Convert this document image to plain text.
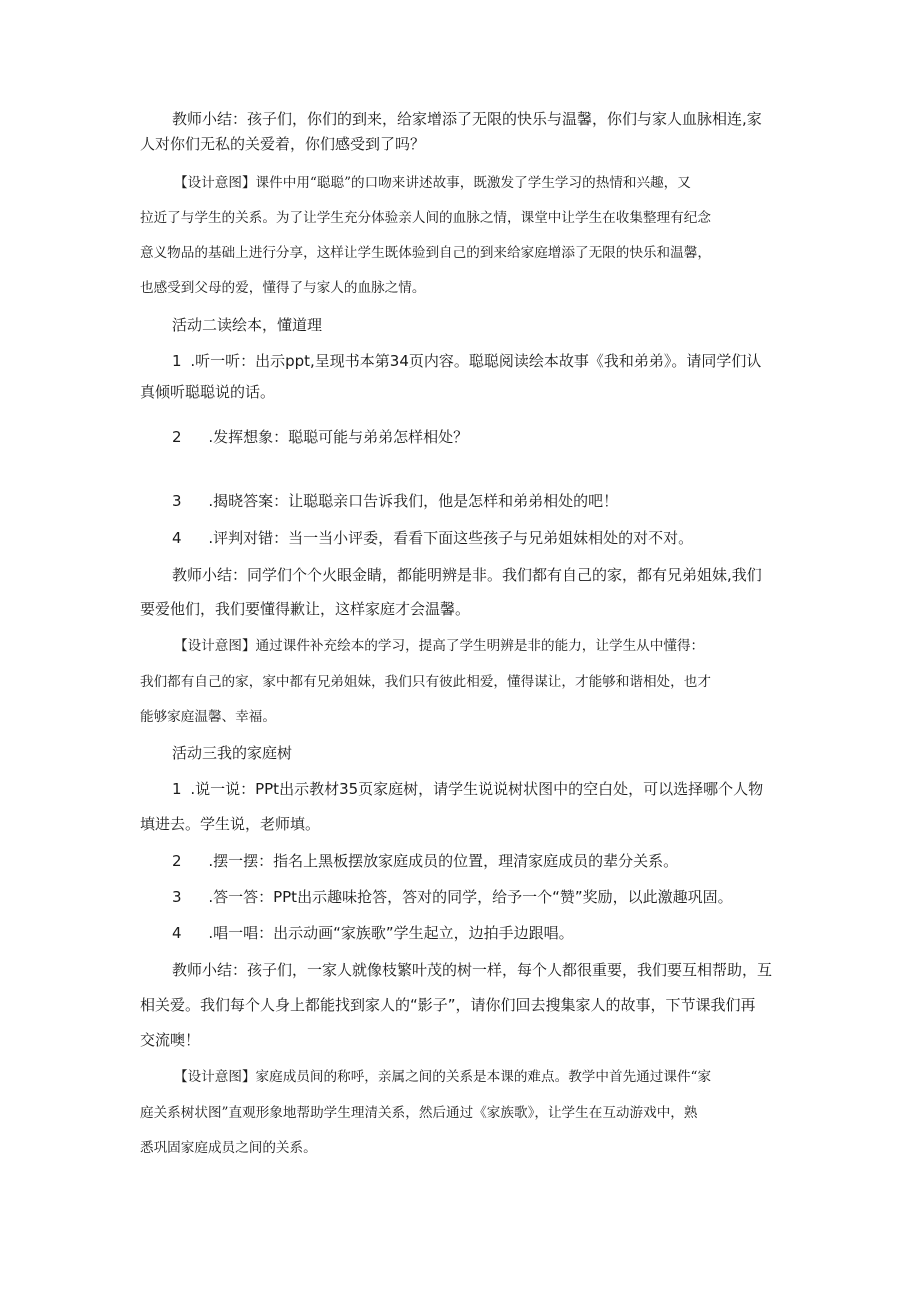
教师小结：孩子们，你们的到来，给家增添了无限的快乐与温馨，你们与家人血脉相连,家

人对你们无私的关爱着，你们感受到了吗？

【设计意图】课件中用“聪聪”的口吻来讲述故事，既激发了学生学习的热情和兴趣，又

拉近了与学生的关系。为了让学生充分体验亲人间的血脉之情，课堂中让学生在收集整理有纪念

意义物品的基础上进行分享，这样让学生既体验到自己的到来给家庭增添了无限的快乐和温馨，

也感受到父母的爱，懂得了与家人的血脉之情。

活动二读绘本，懂道理

1 .听一听：出示ppt,呈现书本第34页内容。聪聪阅读绘本故事《我和弟弟》。请同学们认

真倾听聪聪说的话。

2 .发挥想象：聪聪可能与弟弟怎样相处？

3 .揭晓答案：让聪聪亲口告诉我们，他是怎样和弟弟相处的吧！

4 .评判对错：当一当小评委，看看下面这些孩子与兄弟姐妹相处的对不对。

教师小结：同学们个个火眼金睛，都能明辨是非。我们都有自己的家，都有兄弟姐妹,我们

要爱他们，我们要懂得歉让，这样家庭才会温馨。

【设计意图】通过课件补充绘本的学习，提高了学生明辨是非的能力，让学生从中懂得：

我们都有自己的家，家中都有兄弟姐妹，我们只有彼此相爱，懂得谋让，才能够和谐相处，也才

能够家庭温馨、幸福。

活动三我的家庭树

1 .说一说：PPt出示教材35页家庭树，请学生说说树状图中的空白处，可以选择哪个人物

填进去。学生说，老师填。

2 .摆一摆：指名上黑板摆放家庭成员的位置，理清家庭成员的辈分关系。

3 .答一答：PPt出示趣味抢答，答对的同学，给予一个“赞”奖励，以此激趣巩固。

4 .唱一唱：出示动画“家族歌”学生起立，边拍手边跟唱。

教师小结：孩子们，一家人就像枝繁叶茂的树一样，每个人都很重要，我们要互相帮助，互

相关爱。我们每个人身上都能找到家人的“影子”，请你们回去搜集家人的故事，下节课我们再

交流噢！

【设计意图】家庭成员间的称呼，亲属之间的关系是本课的难点。教学中首先通过课件“家

庭关系树状图”直观形象地帮助学生理清关系，然后通过《家族歌》，让学生在互动游戏中，熟

悉巩固家庭成员之间的关系。
